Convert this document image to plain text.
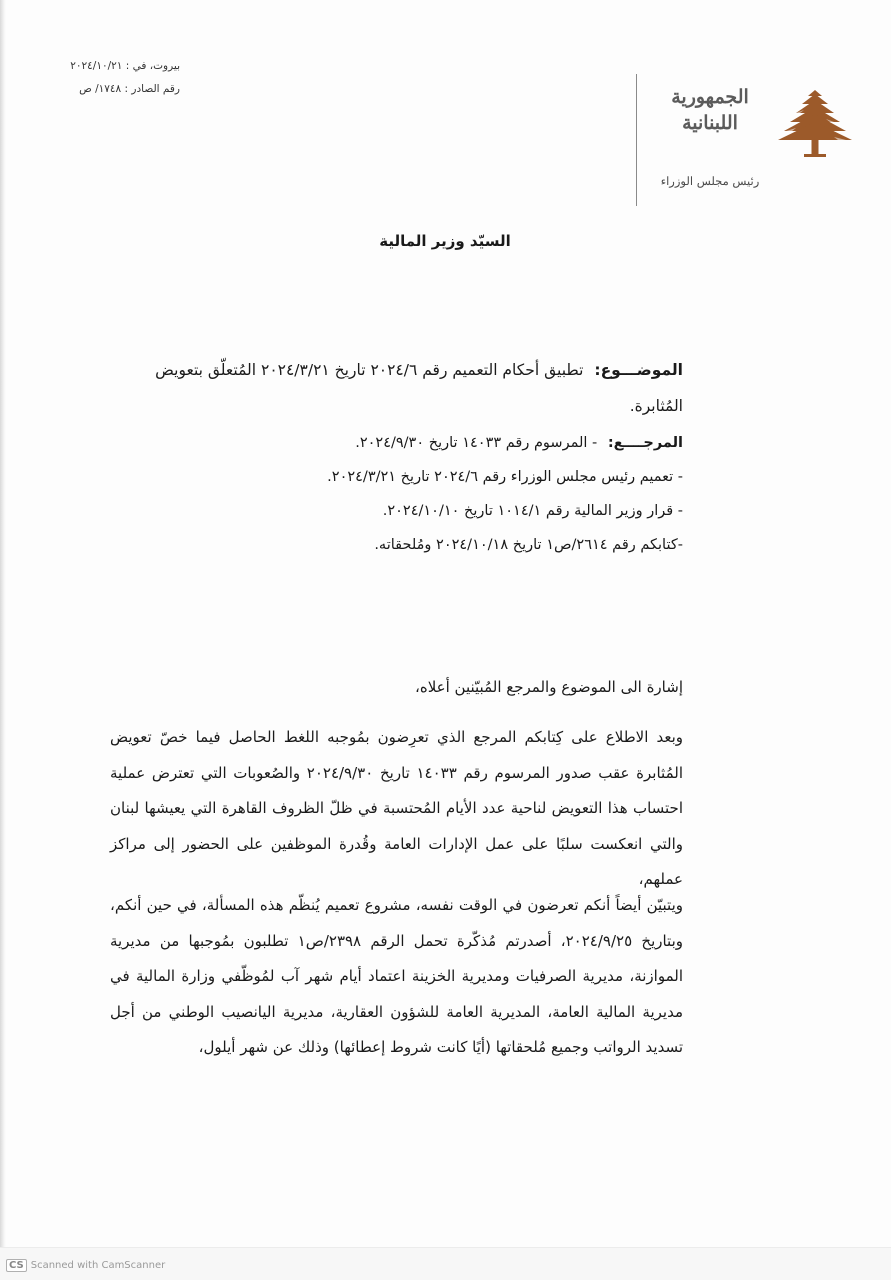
بيروت، في : ٢٠٢٤/١٠/٢١
رقم الصادر : ١٧٤٨/ ص	الجمهورية
اللبنانية
رئيس مجلس الوزراء
السيّد وزير المالية
الموضـــوع: تطبيق أحكام التعميم رقم ٢٠٢٤/٦ تاريخ ٢٠٢٤/٣/٢١ المُتعلّق بتعويض المُثابرة.
المرجــــع: - المرسوم رقم ١٤٠٣٣ تاريخ ٢٠٢٤/٩/٣٠.
- تعميم رئيس مجلس الوزراء رقم ٢٠٢٤/٦ تاريخ ٢٠٢٤/٣/٢١.
- قرار وزير المالية رقم ١٠١٤/١ تاريخ ٢٠٢٤/١٠/١٠.
-كتابكم رقم ٢٦١٤/ص١ تاريخ ٢٠٢٤/١٠/١٨ ومُلحقاته.
إشارة الى الموضوع والمرجع المُبيّنين أعلاه،
وبعد الاطلاع على كِتابكم المرجع الذي تعرِضون بمُوجبه اللغط الحاصل فيما خصّ تعويض المُثابرة عقب صدور المرسوم رقم ١٤٠٣٣ تاريخ ٢٠٢٤/٩/٣٠ والصُعوبات التي تعترض عملية احتساب هذا التعويض لناحية عدد الأيام المُحتسبة في ظلّ الظروف القاهرة التي يعيشها لبنان والتي انعكست سلبًا على عمل الإدارات العامة وقُدرة الموظفين على الحضور إلى مراكز عملهم،
ويتبيّن أيضاً أنكم تعرضون في الوقت نفسه، مشروع تعميم يُنظّم هذه المسألة، في حين أنكم، وبتاريخ ٢٠٢٤/٩/٢٥، أصدرتم مُذكّرة تحمل الرقم ٢٣٩٨/ص١ تطلبون بمُوجبها من مديرية الموازنة، مديرية الصرفيات ومديرية الخزينة اعتماد أيام شهر آب لمُوظّفي وزارة المالية في مديرية المالية العامة، المديرية العامة للشؤون العقارية، مديرية اليانصيب الوطني من أجل تسديد الرواتب وجميع مُلحقاتها (أيًا كانت شروط إعطائها) وذلك عن شهر أيلول،
CS Scanned with CamScanner
